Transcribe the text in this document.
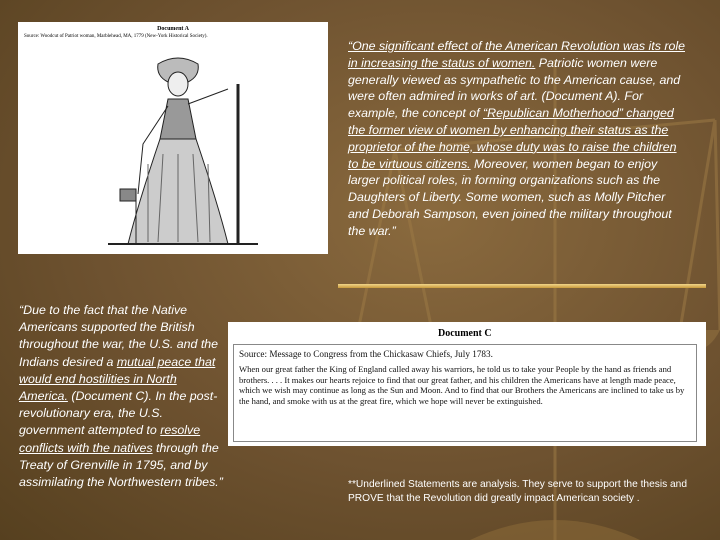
Document A
Source: Woodcut of Patriot woman, Marblehead, MA, 1779 (New-York Historical Society).
“One significant effect of the American Revolution was its role in increasing the status of women. Patriotic women were generally viewed as sympathetic to the American cause, and were often admired in works of art. (Document A). For example, the concept of “Republican Motherhood” changed the former view of women by enhancing their status as the proprietor of the home, whose duty was to raise the children to be virtuous citizens. Moreover, women began to enjoy larger political roles, in forming organizations such as the Daughters of Liberty. Some women, such as Molly Pitcher and Deborah Sampson, even joined the military throughout the war.”
“Due to the fact that the Native Americans supported the British throughout the war, the U.S. and the Indians desired a mutual peace that would end hostilities in North America. (Document C). In the post-revolutionary era, the U.S. government attempted to resolve conflicts with the natives through the Treaty of Grenville in 1795, and by assimilating the Northwestern tribes.”
Document C
Source: Message to Congress from the Chickasaw Chiefs, July 1783.
When our great father the King of England called away his warriors, he told us to take your People by the hand as friends and brothers. . . . It makes our hearts rejoice to find that our great father, and his children the Americans have at length made peace, which we wish may continue as long as the Sun and Moon. And to find that our Brothers the Americans are inclined to take us by the hand, and smoke with us at the great fire, which we hope will never be extinguished.
**Underlined Statements are analysis. They serve to support the thesis and PROVE that the Revolution did greatly impact American society .
